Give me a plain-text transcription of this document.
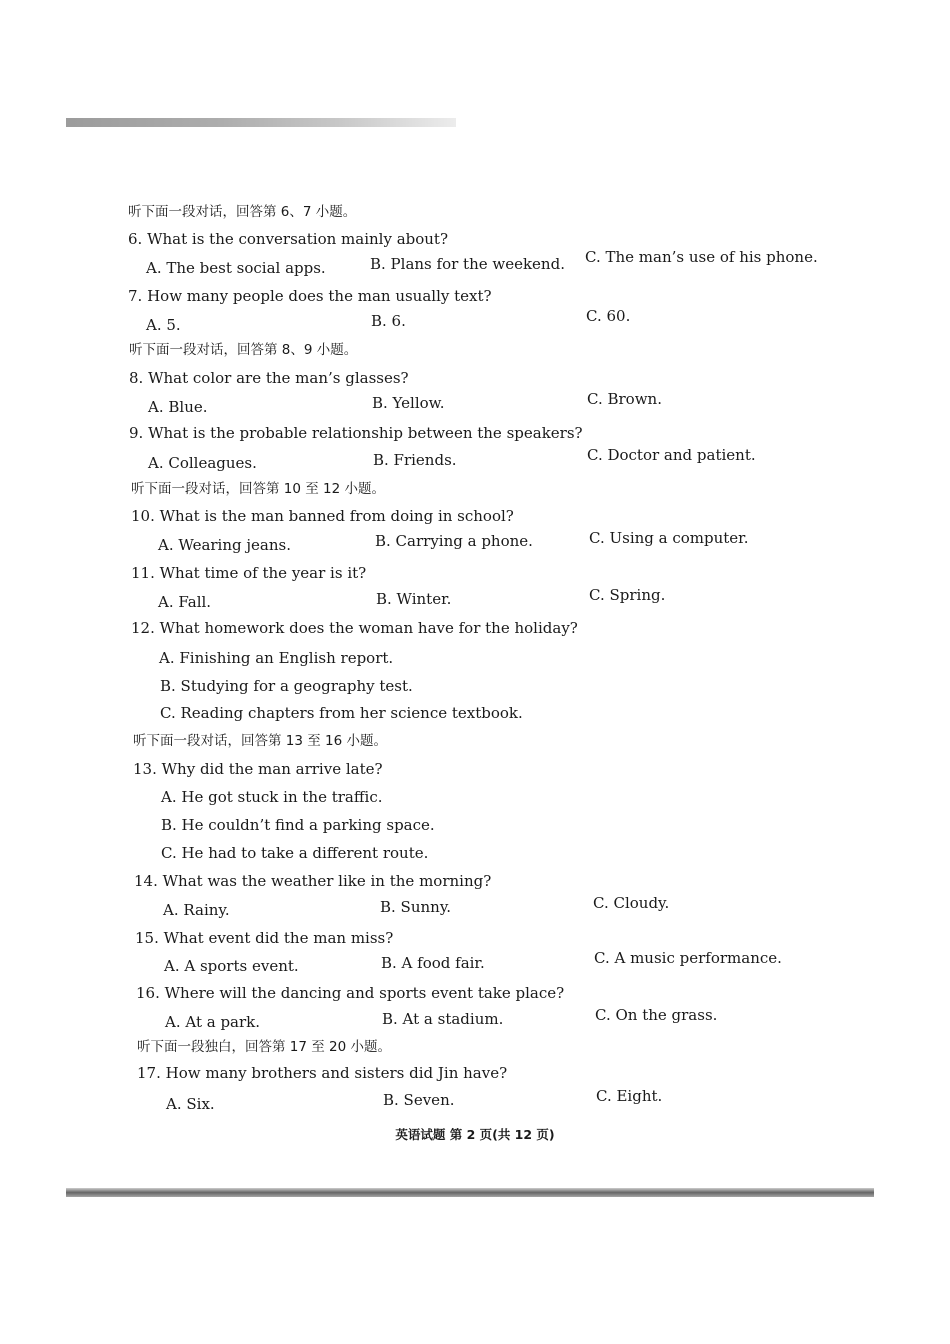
听下面一段对话，回答第 6、7 小题。
6. What is the conversation mainly about?
A. The best social apps.	B. Plans for the weekend. C. The man’s use of his phone.
7. How many people does the man usually text?
A. 5.	B. 6.	C. 60.
听下面一段对话，回答第 8、9 小题。
8. What color are the man’s glasses?
A. Blue.	B. Yellow.	C. Brown.
9. What is the probable relationship between the speakers?
A. Colleagues.	B. Friends.	C. Doctor and patient.
听下面一段对话，回答第 10 至 12 小题。
10. What is the man banned from doing in school?
A. Wearing jeans.	B. Carrying a phone.	C. Using a computer.
11. What time of the year is it?
A. Fall.	B. Winter.	C. Spring.
12. What homework does the woman have for the holiday?
A. Finishing an English report.
B. Studying for a geography test.
C. Reading chapters from her science textbook.
听下面一段对话，回答第 13 至 16 小题。
13. Why did the man arrive late?
A. He got stuck in the traffic.
B. He couldn’t find a parking space.
C. He had to take a different route.
14. What was the weather like in the morning?
A. Rainy.	B. Sunny.	C. Cloudy.
15. What event did the man miss?
A. A sports event.	B. A food fair.	C. A music performance.
16. Where will the dancing and sports event take place?
A. At a park.	B. At a stadium.	C. On the grass.
听下面一段独白，回答第 17 至 20 小题。
17. How many brothers and sisters did Jin have?
A. Six.	B. Seven.	C. Eight.
英语试题 第 2 页(共 12 页)
